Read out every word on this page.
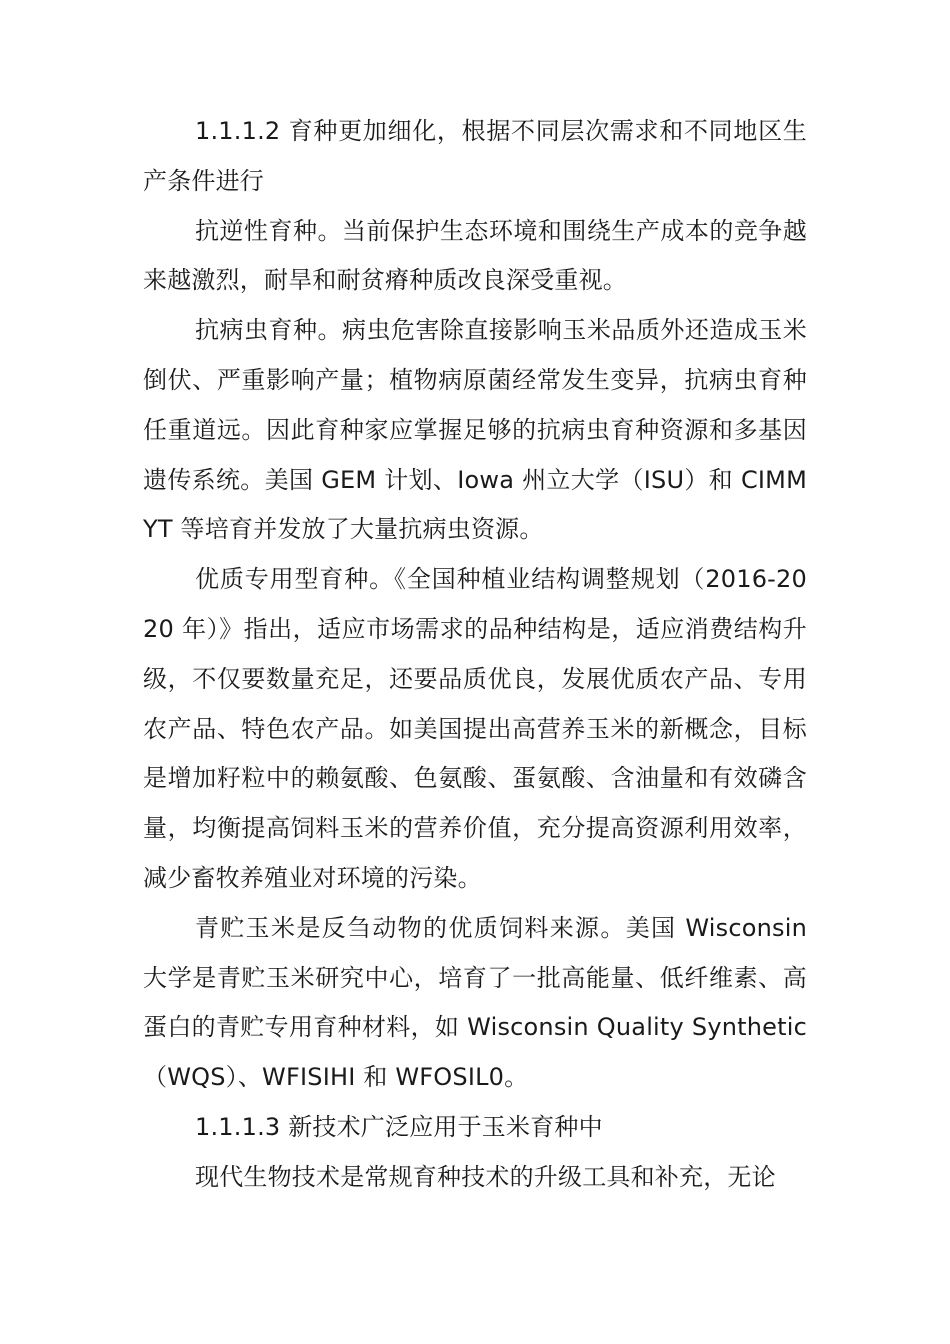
1.1.1.2 育种更加细化，根据不同层次需求和不同地区生产条件进行

抗逆性育种。当前保护生态环境和围绕生产成本的竞争越来越激烈，耐旱和耐贫瘠种质改良深受重视。

抗病虫育种。病虫危害除直接影响玉米品质外还造成玉米倒伏、严重影响产量；植物病原菌经常发生变异，抗病虫育种任重道远。因此育种家应掌握足够的抗病虫育种资源和多基因遗传系统。美国 GEM 计划、Iowa 州立大学（ISU）和 CIMMYT 等培育并发放了大量抗病虫资源。

优质专用型育种。《全国种植业结构调整规划（2016-2020 年）》指出，适应市场需求的品种结构是，适应消费结构升级，不仅要数量充足，还要品质优良，发展优质农产品、专用农产品、特色农产品。如美国提出高营养玉米的新概念，目标是增加籽粒中的赖氨酸、色氨酸、蛋氨酸、含油量和有效磷含量，均衡提高饲料玉米的营养价值，充分提高资源利用效率，减少畜牧养殖业对环境的污染。

青贮玉米是反刍动物的优质饲料来源。美国 Wisconsin 大学是青贮玉米研究中心，培育了一批高能量、低纤维素、高蛋白的青贮专用育种材料，如 Wisconsin Quality Synthetic（WQS）、WFISIHI 和 WFOSIL0。

1.1.1.3 新技术广泛应用于玉米育种中

现代生物技术是常规育种技术的升级工具和补充，无论
